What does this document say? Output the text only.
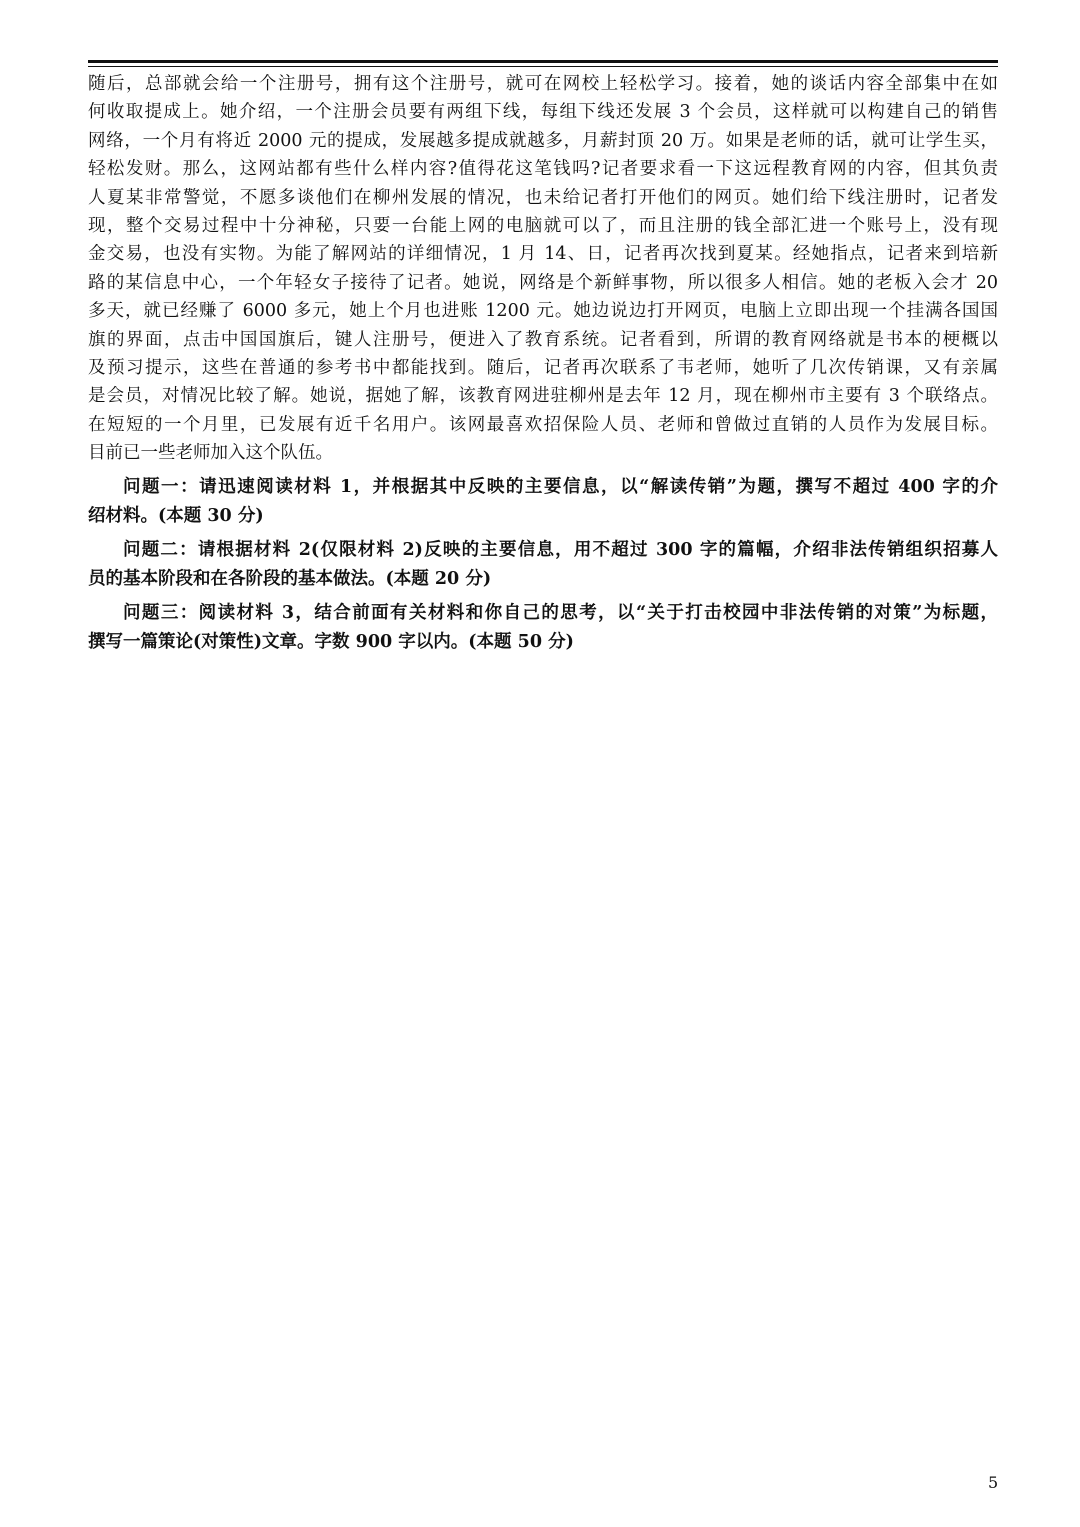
随后，总部就会给一个注册号，拥有这个注册号，就可在网校上轻松学习。接着，她的谈话内容全部集中在如
何收取提成上。她介绍，一个注册会员要有两组下线，每组下线还发展 3 个会员，这样就可以构建自己的销售
网络，一个月有将近 2000 元的提成，发展越多提成就越多，月薪封顶 20 万。如果是老师的话，就可让学生买，
轻松发财。那么，这网站都有些什么样内容?值得花这笔钱吗?记者要求看一下这远程教育网的内容，但其负责
人夏某非常警觉，不愿多谈他们在柳州发展的情况，也未给记者打开他们的网页。她们给下线注册时，记者发
现，整个交易过程中十分神秘，只要一台能上网的电脑就可以了，而且注册的钱全部汇进一个账号上，没有现
金交易，也没有实物。为能了解网站的详细情况，1 月 14、日，记者再次找到夏某。经她指点，记者来到培新
路的某信息中心，一个年轻女子接待了记者。她说，网络是个新鲜事物，所以很多人相信。她的老板入会才 20
多天，就已经赚了 6000 多元，她上个月也进账 1200 元。她边说边打开网页，电脑上立即出现一个挂满各国国
旗的界面，点击中国国旗后，键人注册号，便进入了教育系统。记者看到，所谓的教育网络就是书本的梗概以
及预习提示，这些在普通的参考书中都能找到。随后，记者再次联系了韦老师，她听了几次传销课，又有亲属
是会员，对情况比较了解。她说，据她了解，该教育网进驻柳州是去年 12 月，现在柳州市主要有 3 个联络点。
在短短的一个月里，已发展有近千名用户。该网最喜欢招保险人员、老师和曾做过直销的人员作为发展目标。
目前已一些老师加入这个队伍。
问题一：请迅速阅读材料 1，并根据其中反映的主要信息，以“解读传销”为题，撰写不超过 400 字的介
绍材料。(本题 30 分)
问题二：请根据材料 2(仅限材料 2)反映的主要信息，用不超过 300 字的篇幅，介绍非法传销组织招募人
员的基本阶段和在各阶段的基本做法。(本题 20 分)
问题三：阅读材料 3，结合前面有关材料和你自己的思考，以“关于打击校园中非法传销的对策”为标题，
撰写一篇策论(对策性)文章。字数 900 字以内。(本题 50 分)
5
